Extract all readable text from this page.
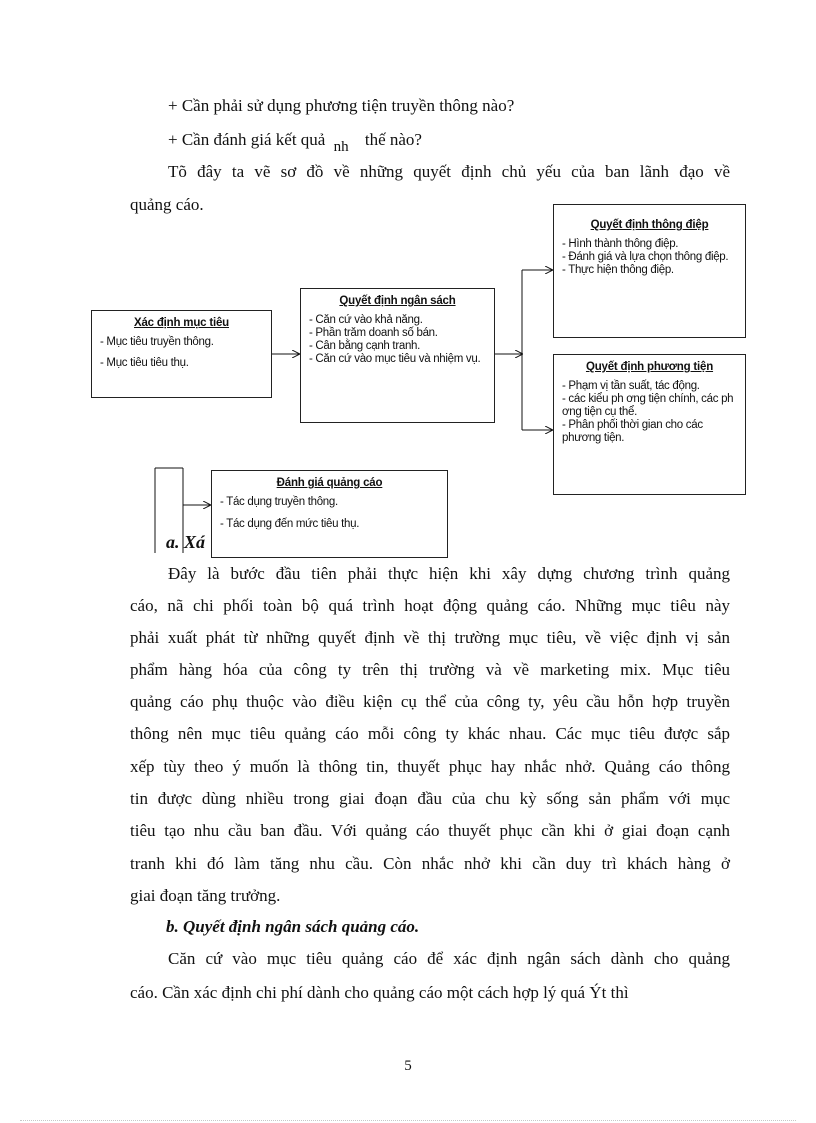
+ Cần phải sử dụng phương tiện truyền thông nào?
+ Cần đánh giá kết quả nh thế nào?
Tõ đây ta vẽ sơ đồ về những quyết định chủ yếu của ban lãnh đạo về
quảng cáo.
Xác định mục tiêu
- Mục tiêu truyền thông.
- Mục tiêu tiêu thụ.
Quyết định ngân sách
- Căn cứ vào khả năng.
- Phần trăm doanh số bán.
- Cân bằng cạnh tranh.
- Căn cứ vào mục tiêu và nhiệm vụ.
Quyết định thông điệp
- Hình thành thông điệp.
- Đánh giá và lựa chọn thông điệp.
- Thực hiện thông điệp.
Quyết định phương tiện
- Phạm vị tần suất, tác động.
- các kiểu ph ơng tiện chính, các ph ơng tiện cụ thể.
- Phân phối thời gian cho các phương tiện.
a. Xá
Đánh giá quảng cáo
- Tác dụng truyền thông.
- Tác dụng đến mức tiêu thụ.
Đây là bước đầu tiên phải thực hiện khi xây dựng chương trình quảng
cáo, nã chi phối toàn bộ quá trình hoạt động quảng cáo. Những mục tiêu này
phải xuất phát từ những quyết định về thị trường mục tiêu, về việc định vị sản
phẩm hàng hóa của công ty trên thị trường và về marketing mix. Mục tiêu
quảng cáo phụ thuộc vào điều kiện cụ thể của công ty, yêu cầu hỗn hợp truyền
thông nên mục tiêu quảng cáo mỗi công ty khác nhau. Các mục tiêu được sắp
xếp tùy theo ý muốn là thông tin, thuyết phục hay nhắc nhở. Quảng cáo thông
tin được dùng nhiều trong giai đoạn đầu của chu kỳ sống sản phẩm với mục
tiêu tạo nhu cầu ban đầu. Với quảng cáo thuyết phục cần khi ở giai đoạn cạnh
tranh khi đó làm tăng nhu cầu. Còn nhắc nhở khi cần duy trì khách hàng ở
giai đoạn tăng trưởng.
b. Quyết định ngân sách quảng cáo.
Căn cứ vào mục tiêu quảng cáo để xác định ngân sách dành cho quảng
cáo. Cần xác định chi phí dành cho quảng cáo một cách hợp lý quá Ýt thì
5
